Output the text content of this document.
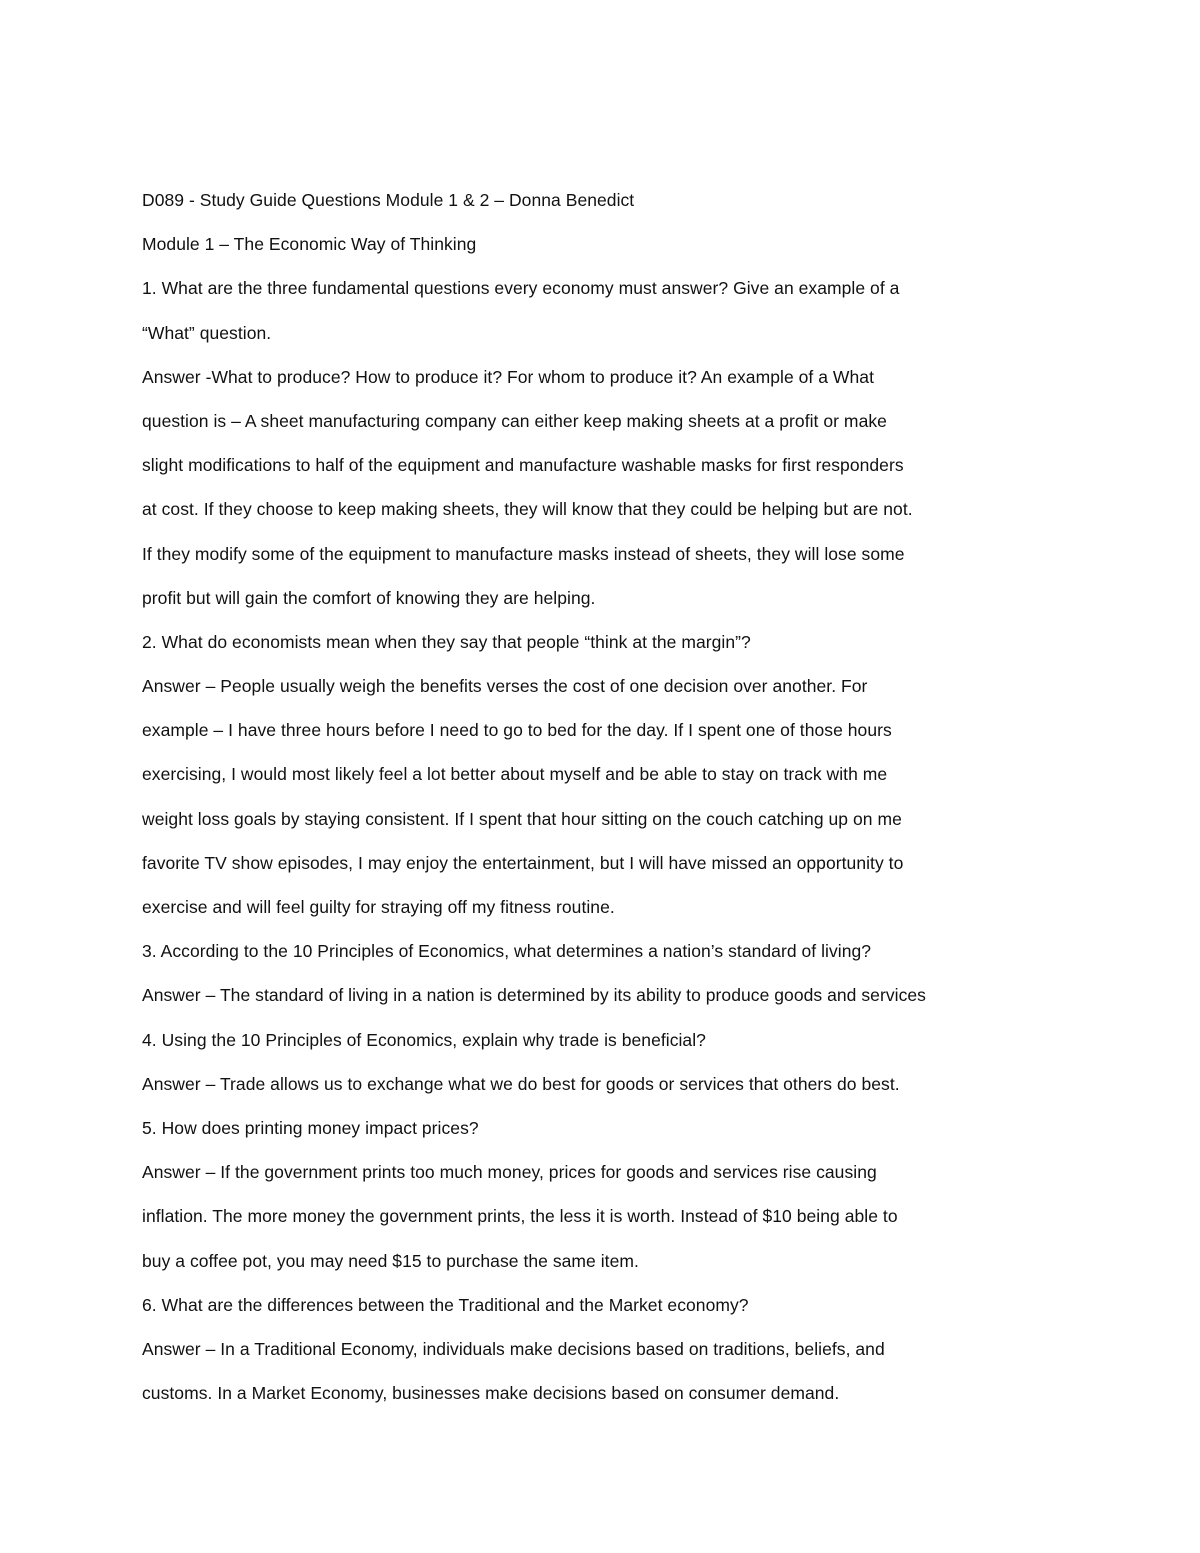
D089 - Study Guide Questions Module 1 & 2 – Donna Benedict
Module 1 – The Economic Way of Thinking
1. What are the three fundamental questions every economy must answer? Give an example of a
“What” question.
Answer -What to produce? How to produce it? For whom to produce it? An example of a What
question is – A sheet manufacturing company can either keep making sheets at a profit or make
slight modifications to half of the equipment and manufacture washable masks for first responders
at cost. If they choose to keep making sheets, they will know that they could be helping but are not.
If they modify some of the equipment to manufacture masks instead of sheets, they will lose some
profit but will gain the comfort of knowing they are helping.
2. What do economists mean when they say that people “think at the margin”?
Answer – People usually weigh the benefits verses the cost of one decision over another. For
example – I have three hours before I need to go to bed for the day. If I spent one of those hours
exercising, I would most likely feel a lot better about myself and be able to stay on track with me
weight loss goals by staying consistent. If I spent that hour sitting on the couch catching up on me
favorite TV show episodes, I may enjoy the entertainment, but I will have missed an opportunity to
exercise and will feel guilty for straying off my fitness routine.
3. According to the 10 Principles of Economics, what determines a nation’s standard of living?
Answer – The standard of living in a nation is determined by its ability to produce goods and services
4. Using the 10 Principles of Economics, explain why trade is beneficial?
Answer – Trade allows us to exchange what we do best for goods or services that others do best.
5. How does printing money impact prices?
Answer – If the government prints too much money, prices for goods and services rise causing
inflation. The more money the government prints, the less it is worth. Instead of $10 being able to
buy a coffee pot, you may need $15 to purchase the same item.
6. What are the differences between the Traditional and the Market economy?
Answer – In a Traditional Economy, individuals make decisions based on traditions, beliefs, and
customs. In a Market Economy, businesses make decisions based on consumer demand.
